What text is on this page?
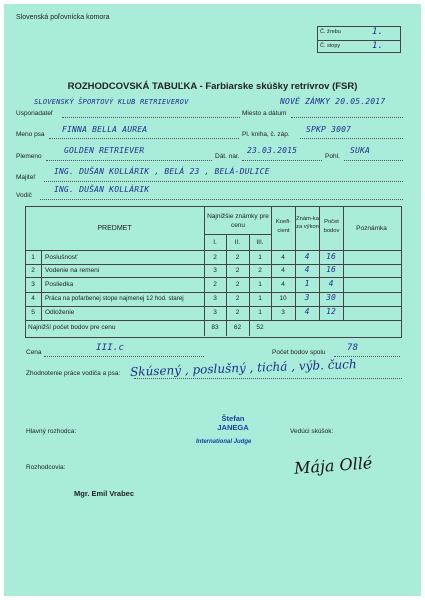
Slovenská poľovnícka komora
Č. žrebu	1.
Č. stopy	1.
ROZHODCOVSKÁ TABUĽKA - Farbiarske skúšky retrívrov (FSR)
SLOVENSKÝ ŠPORTOVÝ KLUB RETRIEVEROV	NOVÉ ZÁMKY 20.05.2017
Usporiadateľ	Miesto a dátum
Meno psa
FINNA BELLA AUREA
Pl. kniha, č. záp.
SPKP 3007
Plemeno
GOLDEN RETRIEVER
Dát. nar.
23.03.2015
Pohl.
SUKA
Majiteľ
ING. DUŠAN KOLLÁRIK , BELÁ 23 , BELÁ-DULICE
Vodič
ING. DUŠAN KOLLÁRIK
PREDMET
Najnižšie známky pre cenu
I.	II.	III.
Koefi-cient
Znám-ka za výkon
Počet bodov	Poznámka
1	Poslušnosť	2	2	1	4	4	16
2	Vodenie na remeni	3	2	2	4	4	16
3	Posliedka	2	2	1	4	1	4
4	Práca na pofarbenej stope najmenej 12 hod. starej	3	2	1	10	3	30
5	Odloženie	3	2	1	3	4	12
Najnižší počet bodov pre cenu	83	62	52
Cena	III.c	Počet bodov spolu 78
Zhodnotenie práce vodiča a psa: Skúsený , poslušný , tichá , výb. čuch
Hlavný rozhodca:
Štefan JANEGA
International Judge
SKJ
Vedúci skúšok:
Rozhodcovia:	Mája Ollé
Mgr. Emil Vrabec
